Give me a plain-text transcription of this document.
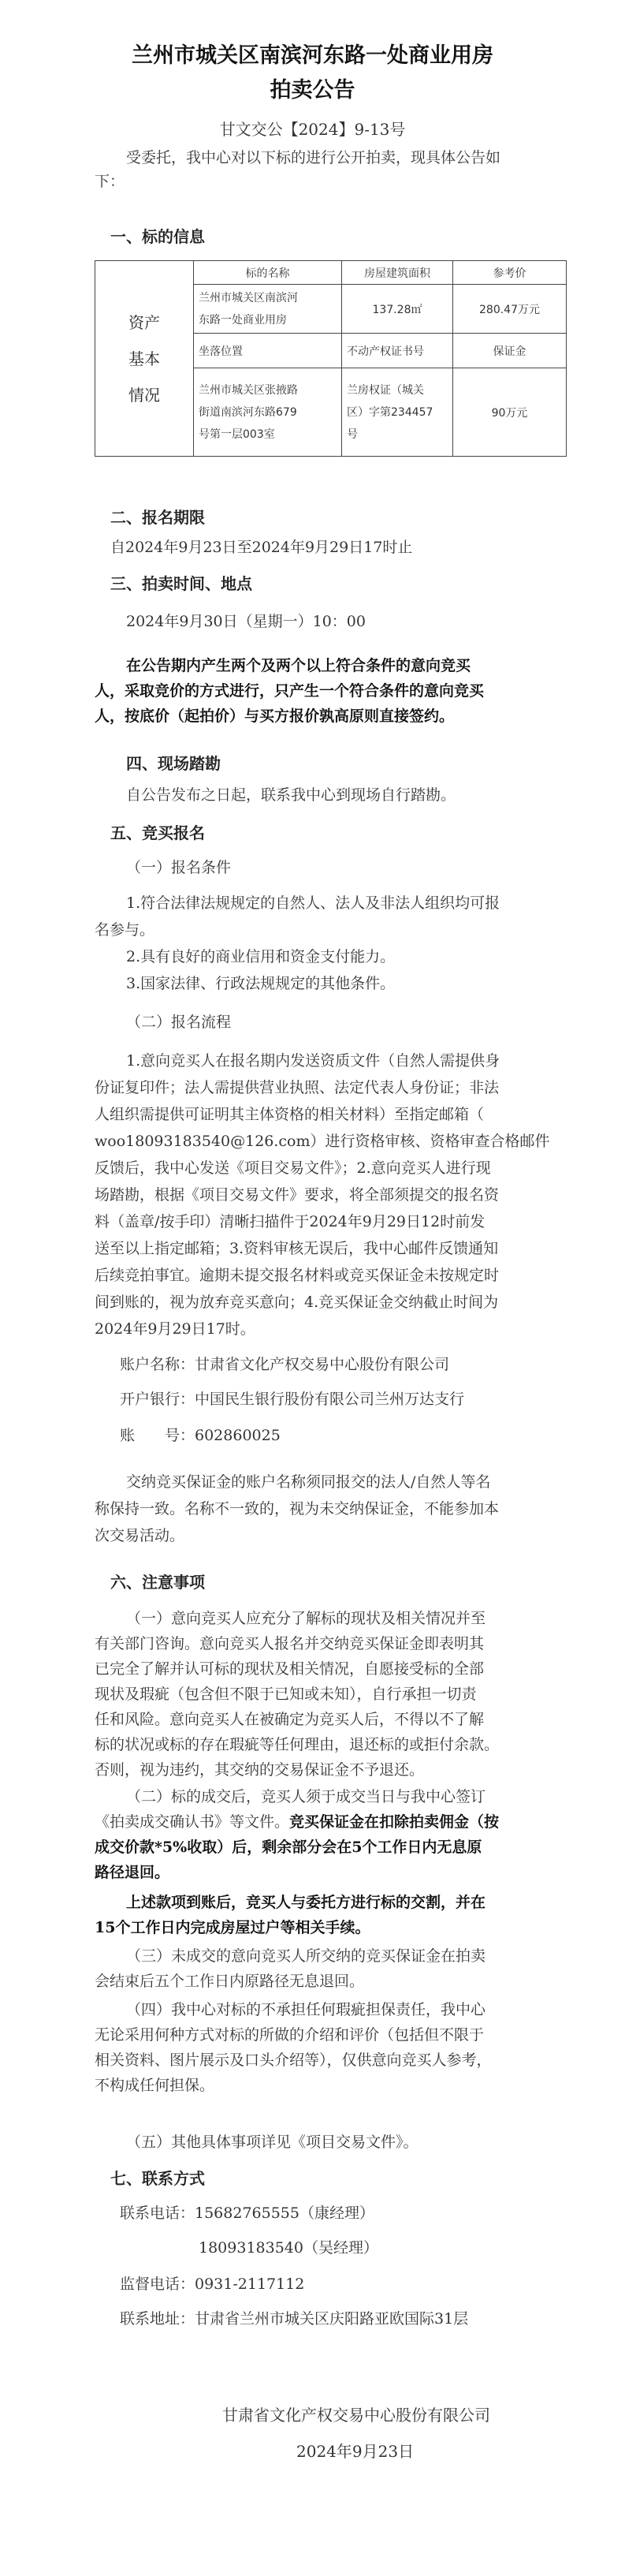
兰州市城关区南滨河东路一处商业用房
拍卖公告
甘文交公【2024】9-13号
受委托，我中心对以下标的进行公开拍卖，现具体公告如
下：
一、标的信息
资产
基本
情况	标的名称	房屋建筑面积	参考价

	兰州市城关区南滨河
东路一处商业用房	137.28㎡	280.47万元
	坐落位置	不动产权证书号	保证金

	兰州市城关区张掖路
街道南滨河东路679
号第一层003室	兰房权证（城关
区）字第234457
号	90万元
二、报名期限
自2024年9月23日至2024年9月29日17时止
三、拍卖时间、地点
2024年9月30日（星期一）10：00
在公告期内产生两个及两个以上符合条件的意向竞买
人，采取竞价的方式进行，只产生一个符合条件的意向竞买
人，按底价（起拍价）与买方报价孰高原则直接签约。
四、现场踏勘
自公告发布之日起，联系我中心到现场自行踏勘。
五、竞买报名
（一）报名条件
1.符合法律法规规定的自然人、法人及非法人组织均可报
名参与。
2.具有良好的商业信用和资金支付能力。
3.国家法律、行政法规规定的其他条件。
（二）报名流程
1.意向竞买人在报名期内发送资质文件（自然人需提供身
份证复印件；法人需提供营业执照、法定代表人身份证；非法
人组织需提供可证明其主体资格的相关材料）至指定邮箱（
woo18093183540@126.com）进行资格审核、资格审查合格邮件
反馈后，我中心发送《项目交易文件》；2.意向竞买人进行现
场踏勘，根据《项目交易文件》要求，将全部须提交的报名资
料（盖章/按手印）清晰扫描件于2024年9月29日12时前发
送至以上指定邮箱；3.资料审核无误后，我中心邮件反馈通知
后续竞拍事宜。逾期未提交报名材料或竞买保证金未按规定时
间到账的，视为放弃竞买意向；4.竞买保证金交纳截止时间为
2024年9月29日17时。
账户名称：甘肃省文化产权交易中心股份有限公司
开户银行：中国民生银行股份有限公司兰州万达支行
账　　号：602860025
交纳竞买保证金的账户名称须同报交的法人/自然人等名
称保持一致。名称不一致的，视为未交纳保证金，不能参加本
次交易活动。
六、注意事项
（一）意向竞买人应充分了解标的现状及相关情况并至
有关部门咨询。意向竞买人报名并交纳竞买保证金即表明其
已完全了解并认可标的现状及相关情况，自愿接受标的全部
现状及瑕疵（包含但不限于已知或未知），自行承担一切责
任和风险。意向竞买人在被确定为竞买人后，不得以不了解
标的状况或标的存在瑕疵等任何理由，退还标的或拒付余款。
否则，视为违约，其交纳的交易保证金不予退还。
（二）标的成交后，竞买人须于成交当日与我中心签订
《拍卖成交确认书》等文件。竞买保证金在扣除拍卖佣金（按
成交价款*5%收取）后，剩余部分会在5个工作日内无息原
路径退回。
上述款项到账后，竞买人与委托方进行标的交割，并在
15个工作日内完成房屋过户等相关手续。
（三）未成交的意向竞买人所交纳的竞买保证金在拍卖
会结束后五个工作日内原路径无息退回。
（四）我中心对标的不承担任何瑕疵担保责任，我中心
无论采用何种方式对标的所做的介绍和评价（包括但不限于
相关资料、图片展示及口头介绍等），仅供意向竞买人参考，
不构成任何担保。
（五）其他具体事项详见《项目交易文件》。
七、联系方式
联系电话：15682765555（康经理）
18093183540（吴经理）
监督电话：0931-2117112
联系地址：甘肃省兰州市城关区庆阳路亚欧国际31层
甘肃省文化产权交易中心股份有限公司
2024年9月23日
